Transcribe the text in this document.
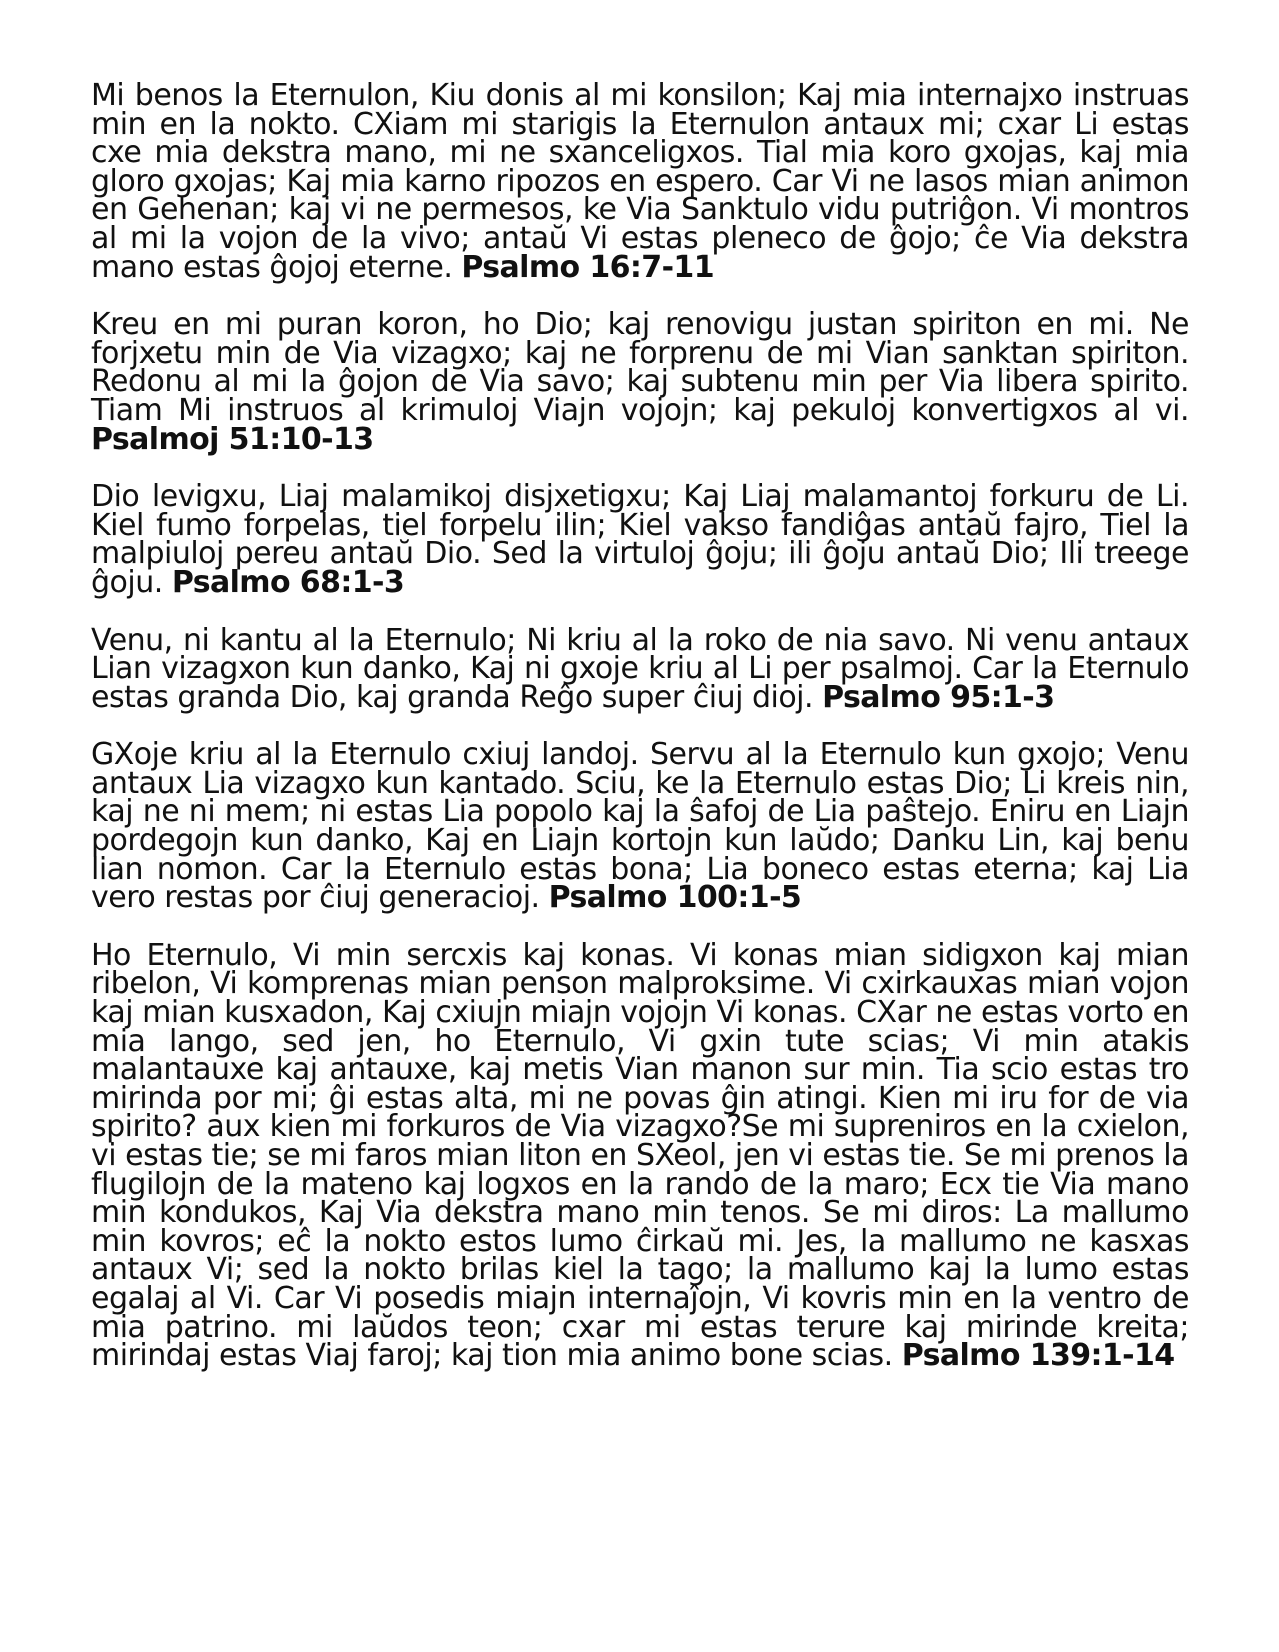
Mi benos la Eternulon, Kiu donis al mi konsilon; Kaj mia internajxo instruas min en la nokto. CXiam mi starigis la Eternulon antaux mi; cxar Li estas cxe mia dekstra mano, mi ne sxanceligxos. Tial mia koro gxojas, kaj mia gloro gxojas; Kaj mia karno ripozos en espero. Car Vi ne lasos mian animon en Gehenan; kaj vi ne permesos, ke Via Sanktulo vidu putriĝon. Vi montros al mi la vojon de la vivo; antaŭ Vi estas pleneco de ĝojo; ĉe Via dekstra mano estas ĝojoj eterne. Psalmo 16:7-11

Kreu en mi puran koron, ho Dio; kaj renovigu justan spiriton en mi. Ne forjxetu min de Via vizagxo; kaj ne forprenu de mi Vian sanktan spiriton. Redonu al mi la ĝojon de Via savo; kaj subtenu min per Via libera spirito. Tiam Mi instruos al krimuloj Viajn vojojn; kaj pekuloj konvertigxos al vi. Psalmoj 51:10-13

Dio levigxu, Liaj malamikoj disjxetigxu; Kaj Liaj malamantoj forkuru de Li. Kiel fumo forpelas, tiel forpelu ilin; Kiel vakso fandiĝas antaŭ fajro, Tiel la malpiuloj pereu antaŭ Dio. Sed la virtuloj ĝoju; ili ĝoju antaŭ Dio; Ili treege ĝoju. Psalmo 68:1-3

Venu, ni kantu al la Eternulo; Ni kriu al la roko de nia savo. Ni venu antaux Lian vizagxon kun danko, Kaj ni gxoje kriu al Li per psalmoj. Car la Eternulo estas granda Dio, kaj granda Reĝo super ĉiuj dioj. Psalmo 95:1-3

GXoje kriu al la Eternulo cxiuj landoj. Servu al la Eternulo kun gxojo; Venu antaux Lia vizagxo kun kantado. Sciu, ke la Eternulo estas Dio; Li kreis nin, kaj ne ni mem; ni estas Lia popolo kaj la ŝafoj de Lia paŝtejo. Eniru en Liajn pordegojn kun danko, Kaj en Liajn kortojn kun laŭdo; Danku Lin, kaj benu lian nomon. Car la Eternulo estas bona; Lia boneco estas eterna; kaj Lia vero restas por ĉiuj generacioj. Psalmo 100:1-5

Ho Eternulo, Vi min sercxis kaj konas. Vi konas mian sidigxon kaj mian ribelon, Vi komprenas mian penson malproksime. Vi cxirkauxas mian vojon kaj mian kusxadon, Kaj cxiujn miajn vojojn Vi konas. CXar ne estas vorto en mia lango, sed jen, ho Eternulo, Vi gxin tute scias; Vi min atakis malantauxe kaj antauxe, kaj metis Vian manon sur min. Tia scio estas tro mirinda por mi; ĝi estas alta, mi ne povas ĝin atingi. Kien mi iru for de via spirito? aux kien mi forkuros de Via vizagxo?Se mi supreniros en la cxielon, vi estas tie; se mi faros mian liton en SXeol, jen vi estas tie. Se mi prenos la flugilojn de la mateno kaj logxos en la rando de la maro; Ecx tie Via mano min kondukos, Kaj Via dekstra mano min tenos. Se mi diros: La mallumo min kovros; eĉ la nokto estos lumo ĉirkaŭ mi. Jes, la mallumo ne kasxas antaux Vi; sed la nokto brilas kiel la tago; la mallumo kaj la lumo estas egalaj al Vi. Car Vi posedis miajn internaĵojn, Vi kovris min en la ventro de mia patrino. mi laŭdos teon; cxar mi estas terure kaj mirinde kreita; mirindaj estas Viaj faroj; kaj tion mia animo bone scias. Psalmo 139:1-14
